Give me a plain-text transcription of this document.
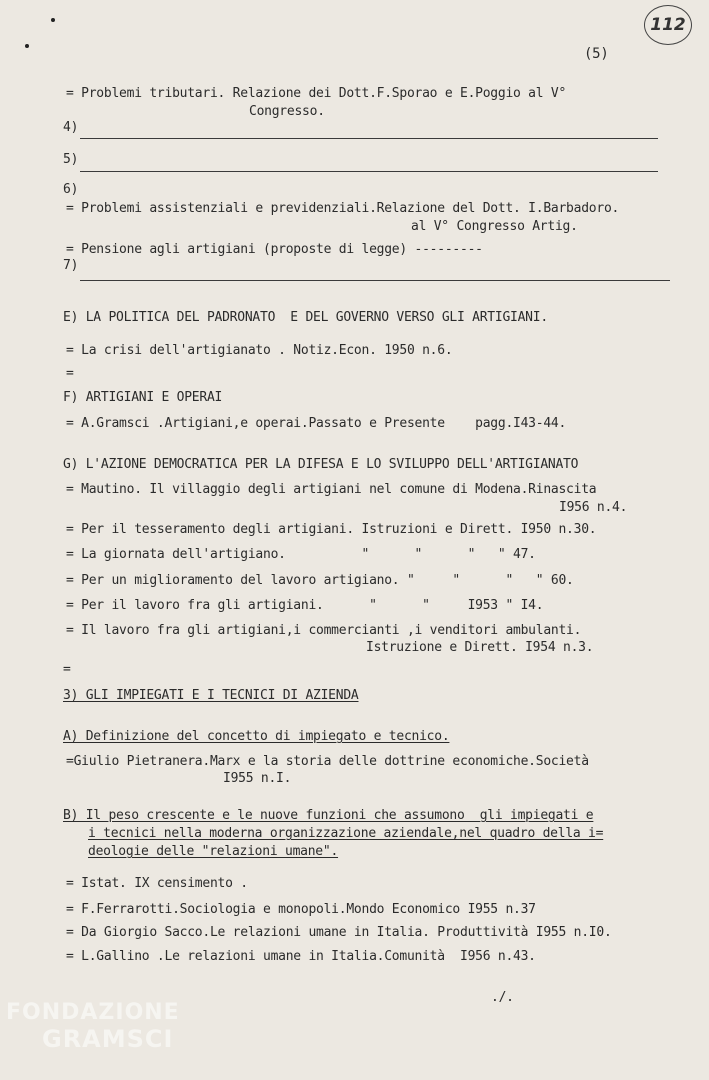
112
(5)
= Problemi tributari. Relazione dei Dott.F.Sporao e E.Poggio al V°
Congresso.
4)
5)
6)
= Problemi assistenziali e previdenziali.Relazione del Dott. I.Barbadoro.
al V° Congresso Artig.
= Pensione agli artigiani (proposte di legge) ---------
7)
E) LA POLITICA DEL PADRONATO  E DEL GOVERNO VERSO GLI ARTIGIANI.
= La crisi dell'artigianato . Notiz.Econ. 1950 n.6.
=
F) ARTIGIANI E OPERAI
= A.Gramsci .Artigiani,e operai.Passato e Presente    pagg.I43-44.
G) L'AZIONE DEMOCRATICA PER LA DIFESA E LO SVILUPPO DELL'ARTIGIANATO
= Mautino. Il villaggio degli artigiani nel comune di Modena.Rinascita
I956 n.4.
= Per il tesseramento degli artigiani. Istruzioni e Dirett. I950 n.30.
= La giornata dell'artigiano.          "      "      "   " 47.
= Per un miglioramento del lavoro artigiano. "     "      "   " 60.
= Per il lavoro fra gli artigiani.      "      "     I953 " I4.
= Il lavoro fra gli artigiani,i commercianti ,i venditori ambulanti.
Istruzione e Dirett. I954 n.3.
=
3) GLI IMPIEGATI E I TECNICI DI AZIENDA
A) Definizione del concetto di impiegato e tecnico.
=Giulio Pietranera.Marx e la storia delle dottrine economiche.Società
I955 n.I.
B) Il peso crescente e le nuove funzioni che assumono  gli impiegati e
i tecnici nella moderna organizzazione aziendale,nel quadro della i=
deologie delle "relazioni umane".
= Istat. IX censimento .
= F.Ferrarotti.Sociologia e monopoli.Mondo Economico I955 n.37
= Da Giorgio Sacco.Le relazioni umane in Italia. Produttività I955 n.I0.
= L.Gallino .Le relazioni umane in Italia.Comunità  I956 n.43.
./.
FONDAZIONE
GRAMSCI
